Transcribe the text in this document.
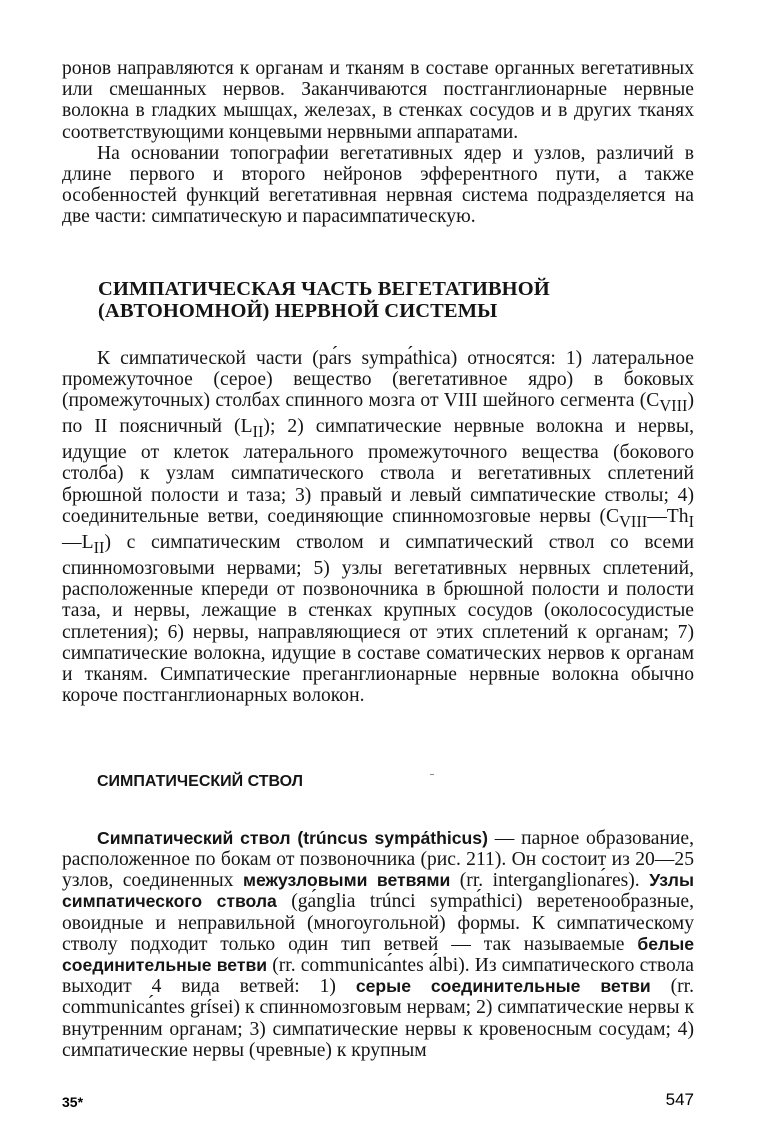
ронов направляются к органам и тканям в составе органных вегетативных или смешанных нервов. Заканчиваются постганглионарные нервные волокна в гладких мышцах, железах, в стенках сосудов и в других тканях соответствующими концевыми нервными аппаратами.

На основании топографии вегетативных ядер и узлов, различий в длине первого и второго нейронов эфферентного пути, а также особенностей функций вегетативная нервная система подразделяется на две части: симпатическую и парасимпатическую.

СИМПАТИЧЕСКАЯ ЧАСТЬ ВЕГЕТАТИВНОЙ
(АВТОНОМНОЙ) НЕРВНОЙ СИСТЕМЫ

К симпатической части (pа́rs sympа́thica) относятся: 1) латеральное промежуточное (серое) вещество (вегетативное ядро) в боковых (промежуточных) столбах спинного мозга от VIII шейного сегмента $(C_{VIII})$ по II поясничный $(L_{II})$; 2) симпатические нервные волокна и нервы, идущие от клеток латерального промежуточного вещества (бокового столба) к узлам симпатического ствола и вегетативных сплетений брюшной полости и таза; 3) правый и левый симпатические стволы; 4) соединительные ветви, соединяющие спинномозговые нервы $(C_{VIII}—Th_I—L_{II})$ с симпатическим стволом и симпатический ствол со всеми спинномозговыми нервами; 5) узлы вегетативных нервных сплетений, расположенные кпереди от позвоночника в брюшной полости и полости таза, и нервы, лежащие в стенках крупных сосудов (околососудистые сплетения); 6) нервы, направляющиеся от этих сплетений к органам; 7) симпатические волокна, идущие в составе соматических нервов к органам и тканям. Симпатические преганглионарные нервные волокна обычно короче постганглионарных волокон.

СИМПАТИЧЕСКИЙ СТВОЛ

Симпатический ствол (trúncus sympа́thicus) — парное образование, расположенное по бокам от позвоночника (рис. 211). Он состоит из 20—25 узлов, соединенных межузловыми ветвями (rr. interganglionа́res). Узлы симпатического ствола (gа́nglia trúnci sympа́thici) веретенообразные, овоидные и неправильной (многоугольной) формы. К симпатическому стволу подходит только один тип ветвей — так называемые белые соединительные ветви (rr. communicа́ntes а́lbi). Из симпатического ствола выходит 4 вида ветвей: 1) серые соединительные ветви (rr. communicа́ntes grísei) к спинномозговым нервам; 2) симпатические нервы к внутренним органам; 3) симпатические нервы к кровеносным сосудам; 4) симпатические нервы (чревные) к крупным

35*	547
